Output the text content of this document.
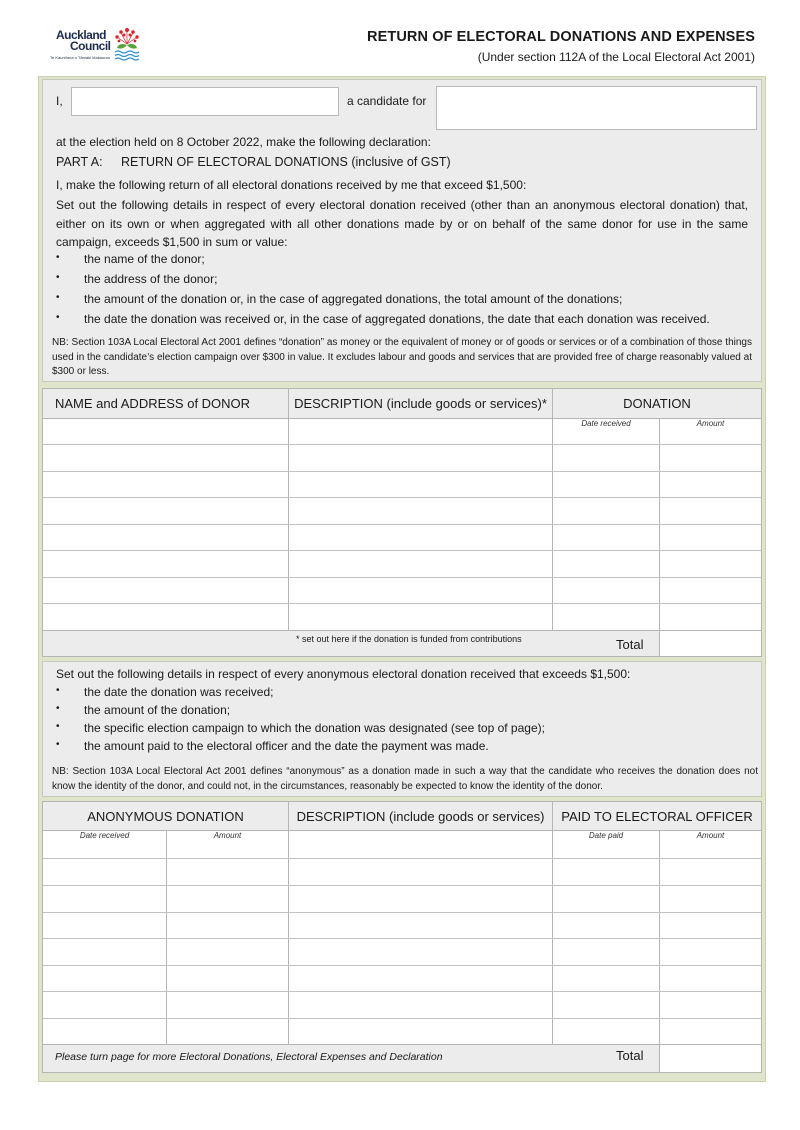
Auckland
Council
Te Kaunihera o Tāmaki Makaurau
RETURN OF ELECTORAL DONATIONS AND EXPENSES
(Under section 112A of the Local Electoral Act 2001)
I,	a candidate for
at the election held on 8 October 2022, make the following declaration:
PART A: RETURN OF ELECTORAL DONATIONS (inclusive of GST)
I, make the following return of all electoral donations received by me that exceed $1,500:
Set out the following details in respect of every electoral donation received (other than an anonymous electoral donation) that, either on its own or when aggregated with all other donations made by or on behalf of the same donor for use in the same campaign, exceeds $1,500 in sum or value:
• the name of the donor;
• the address of the donor;
• the amount of the donation or, in the case of aggregated donations, the total amount of the donations;
• the date the donation was received or, in the case of aggregated donations, the date that each donation was received.
NB: Section 103A Local Electoral Act 2001 defines “donation” as money or the equivalent of money or of goods or services or of a combination of those things used in the candidate’s election campaign over $300 in value. It excludes labour and goods and services that are provided free of charge reasonably valued at $300 or less.
NAME and ADDRESS of DONOR	DESCRIPTION (include goods or services)*	DONATION
Date received	Amount
* set out here if the donation is funded from contributions	Total
Set out the following details in respect of every anonymous electoral donation received that exceeds $1,500:
• the date the donation was received;
• the amount of the donation;
• the specific election campaign to which the donation was designated (see top of page);
• the amount paid to the electoral officer and the date the payment was made.
NB: Section 103A Local Electoral Act 2001 defines “anonymous” as a donation made in such a way that the candidate who receives the donation does not know the identity of the donor, and could not, in the circumstances, reasonably be expected to know the identity of the donor.
ANONYMOUS DONATION	DESCRIPTION (include goods or services)	PAID TO ELECTORAL OFFICER
Date received	Amount	Date paid	Amount
Please turn page for more Electoral Donations, Electoral Expenses and Declaration	Total
